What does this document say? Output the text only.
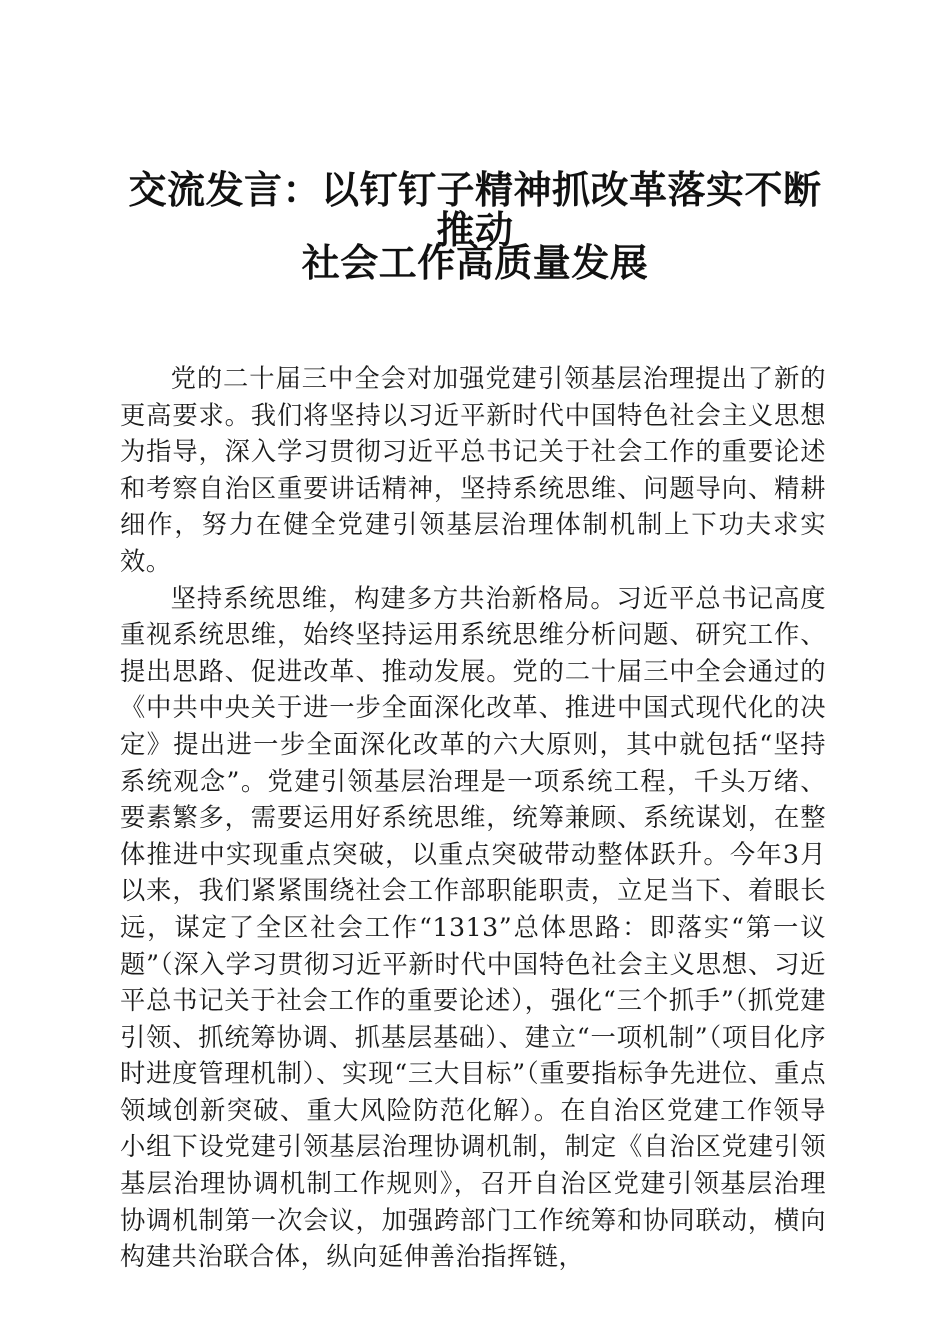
交流发言：以钉钉子精神抓改革落实不断推动
社会工作高质量发展

党的二十届三中全会对加强党建引领基层治理提出了新的更高要求。我们将坚持以习近平新时代中国特色社会主义思想为指导，深入学习贯彻习近平总书记关于社会工作的重要论述和考察自治区重要讲话精神，坚持系统思维、问题导向、精耕细作，努力在健全党建引领基层治理体制机制上下功夫求实效。

坚持系统思维，构建多方共治新格局。习近平总书记高度重视系统思维，始终坚持运用系统思维分析问题、研究工作、提出思路、促进改革、推动发展。党的二十届三中全会通过的《中共中央关于进一步全面深化改革、推进中国式现代化的决定》提出进一步全面深化改革的六大原则，其中就包括“坚持系统观念”。党建引领基层治理是一项系统工程，千头万绪、要素繁多，需要运用好系统思维，统筹兼顾、系统谋划，在整体推进中实现重点突破，以重点突破带动整体跃升。今年3月以来，我们紧紧围绕社会工作部职能职责，立足当下、着眼长远，谋定了全区社会工作“1313”总体思路：即落实“第一议题”（深入学习贯彻习近平新时代中国特色社会主义思想、习近平总书记关于社会工作的重要论述），强化“三个抓手”（抓党建引领、抓统筹协调、抓基层基础）、建立“一项机制”（项目化序时进度管理机制）、实现“三大目标”（重要指标争先进位、重点领域创新突破、重大风险防范化解）。在自治区党建工作领导小组下设党建引领基层治理协调机制，制定《自治区党建引领基层治理协调机制工作规则》，召开自治区党建引领基层治理协调机制第一次会议，加强跨部门工作统筹和协同联动，横向构建共治联合体，纵向延伸善治指挥链，
